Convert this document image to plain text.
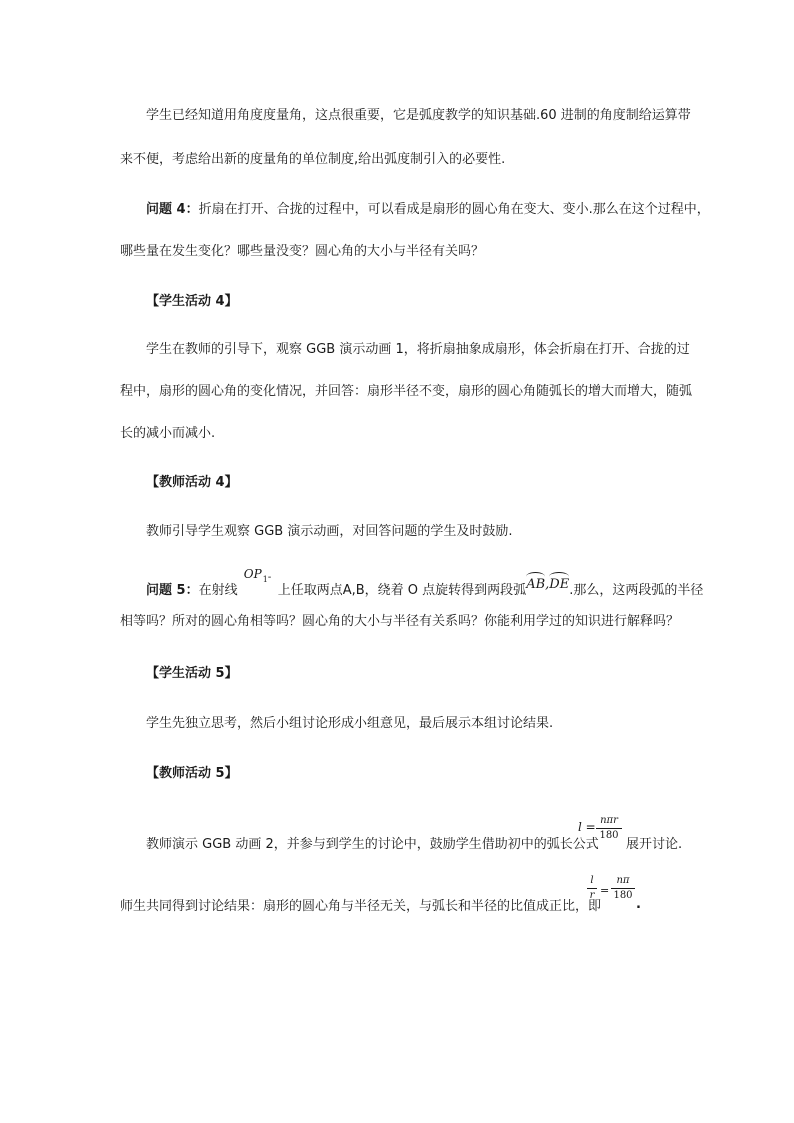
学生已经知道用角度度量角，这点很重要，它是弧度教学的知识基础.60 进制的角度制给运算带
来不便，考虑给出新的度量角的单位制度,给出弧度制引入的必要性.
问题 4：折扇在打开、合拢的过程中，可以看成是扇形的圆心角在变大、变小.那么在这个过程中，
哪些量在发生变化？哪些量没变？圆心角的大小与半径有关吗？
【学生活动 4】
学生在教师的引导下，观察 GGB 演示动画 1，将折扇抽象成扇形，体会折扇在打开、合拢的过
程中，扇形的圆心角的变化情况，并回答：扇形半径不变，扇形的圆心角随弧长的增大而增大，随弧
长的减小而减小.
【教师活动 4】
教师引导学生观察 GGB 演示动画，对回答问题的学生及时鼓励.
问题 5：在射线
OP 1 -
上任取两点A,B，绕着 O 点旋转得到两段弧AB,DE.那么，这两段弧的半径
相等吗？所对的圆心角相等吗？圆心角的大小与半径有关系吗？你能利用学过的知识进行解释吗？
【学生活动 5】
学生先独立思考，然后小组讨论形成小组意见，最后展示本组讨论结果.
【教师活动 5】
教师演示 GGB 动画 2，并参与到学生的讨论中，鼓励学生借助初中的弧长公式
l = nπr
180
展开讨论.
师生共同得到讨论结果：扇形的圆心角与半径无关，与弧长和半径的比值成正比，即
l
r =
nπ
180
.
